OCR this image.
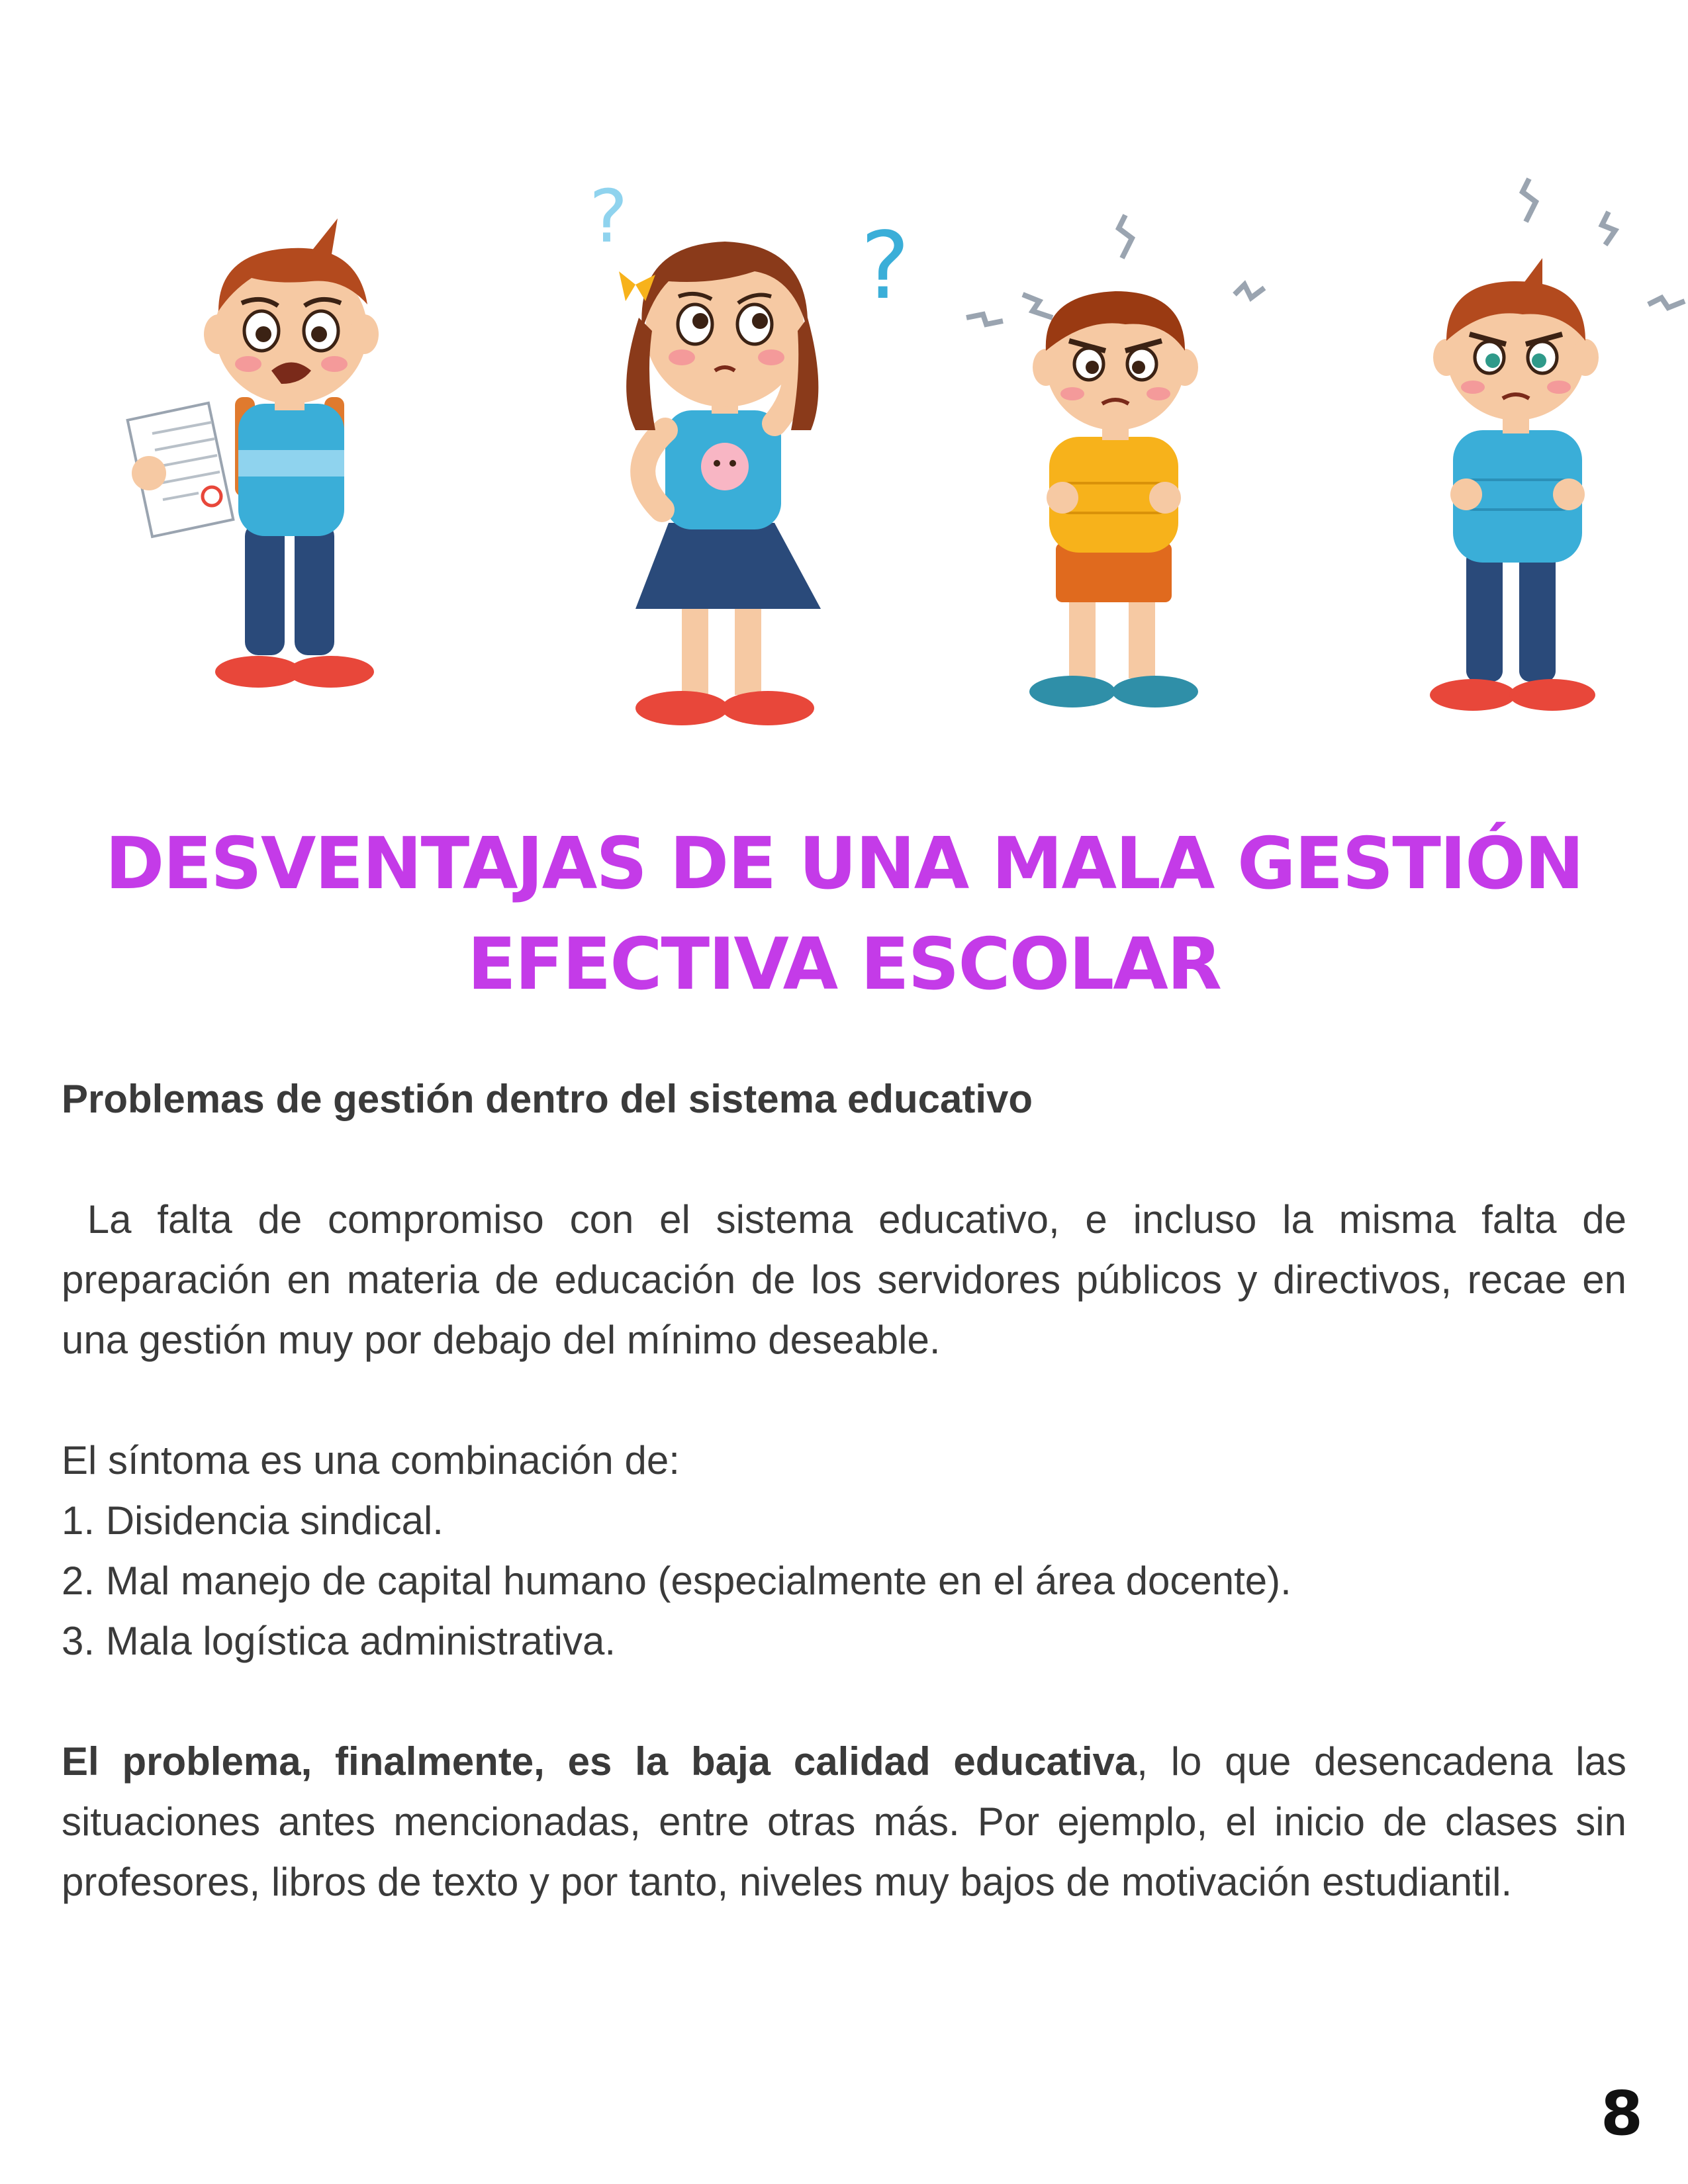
?	?
DESVENTAJAS DE UNA MALA GESTIÓN
EFECTIVA ESCOLAR

Problemas de gestión dentro del sistema educativo

La falta de compromiso con el sistema educativo, e incluso la misma falta de preparación en materia de educación de los servidores públicos y directivos, recae en una gestión muy por debajo del mínimo deseable.

El síntoma es una combinación de:

1. Disidencia sindical.

2. Mal manejo de capital humano (especialmente en el área docente).

3. Mala logística administrativa.

El problema, finalmente, es la baja calidad educativa, lo que desencadena las situaciones antes mencionadas, entre otras más. Por ejemplo, el inicio de clases sin profesores, libros de texto y por tanto, niveles muy bajos de motivación estudiantil.

8
